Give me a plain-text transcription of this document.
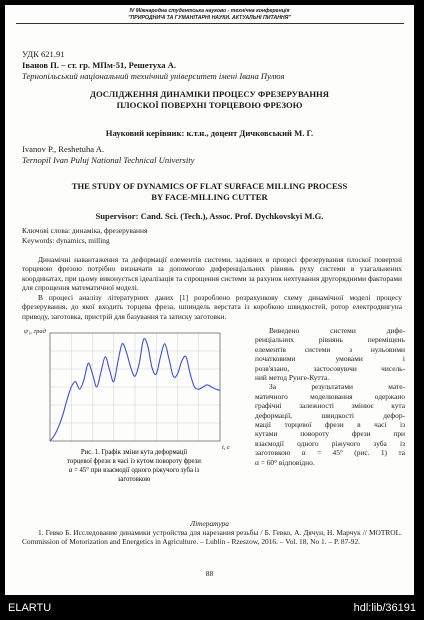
IV Міжнародна студентська науково - технічна конференція
"ПРИРОДНИЧІ ТА ГУМАНІТАРНІ НАУКИ. АКТУАЛЬНІ ПИТАННЯ"
УДК 621.91
Іванов П. – ст. гр. МПм-51, Решетуха А.
Тернопільський національний технічний університет імені Івана Пулюя
ДОСЛІДЖЕННЯ ДИНАМІКИ ПРОЦЕСУ ФРЕЗЕРУВАННЯ
ПЛОСКОЇ ПОВЕРХНІ ТОРЦЕВОЮ ФРЕЗОЮ
Науковий керівник: к.т.н., доцент Дичковський М. Г.
Ivanov P., Reshetuha A.
Ternopil Ivan Puluj National Technical University
THE STUDY OF DYNAMICS OF FLAT SURFACE MILLING PROCESS
BY FACE-MILLING CUTTER
Supervisor: Cand. Sci. (Tech.), Assoc. Prof. Dychkovskyi M.G.
Ключові слова: динаміка, фрезерування
Keywords: dynamics, milling

Динамічні навантаження та деформації елементів системи, задіяних в процесі фрезерування плоскої поверхні торцевою фрезою потрібно визначати за допомогою диференціальних рівнянь руху системи в узагальнених координатах, при цьому виконується ідеалізація та спрощення системи за рахунок нехтування другорядними факторами для спрощення математичної моделі.

В процесі аналізу літературних даних [1] розроблено розрахункову схему динамічної моделі процесу фрезерування, до якої входить торцева фреза, шпиндель верстата із коробкою швидкостей, ротор електродвигуна приводу, заготовка, пристрій для базування та затиску заготовки.

ψ₁, град
t, c
Рис. 1. Графік зміни кута деформації
торцевої фрези в часі із кутом повороту фрези
α = 45° при взаємодії одного ріжучого зуба із
заготовкою
Виведено системи дифе-
ренціальних рівнянь переміщень
елементів системи з нульовими
початковими умовами і
розв'язано, застосовуючи чисель-
ний метод Рунге-Кутта.
За результатами мате-
матичного моделювання одержано
графічні залежності змінює кута
деформації, швидкості дефор-
мації торцевої фрези в часі із
кутами повороту фрези при
взаємодії одного ріжучого зуба із
заготовкою α = 45° (рис. 1) та
α = 60° відповідно.
Література

1. Гевко Б. Исследование динамики устройства для нарезания резьбы / Б. Гевко, А. Дячун, Н. Марчук // MOTROL. Commission of Motorization and Energetics in Agriculture. – Lublin - Rzeszow, 2016. – Vol. 18, No 1. – P. 87-92.

88
ELARTU	hdl:lib/36191
